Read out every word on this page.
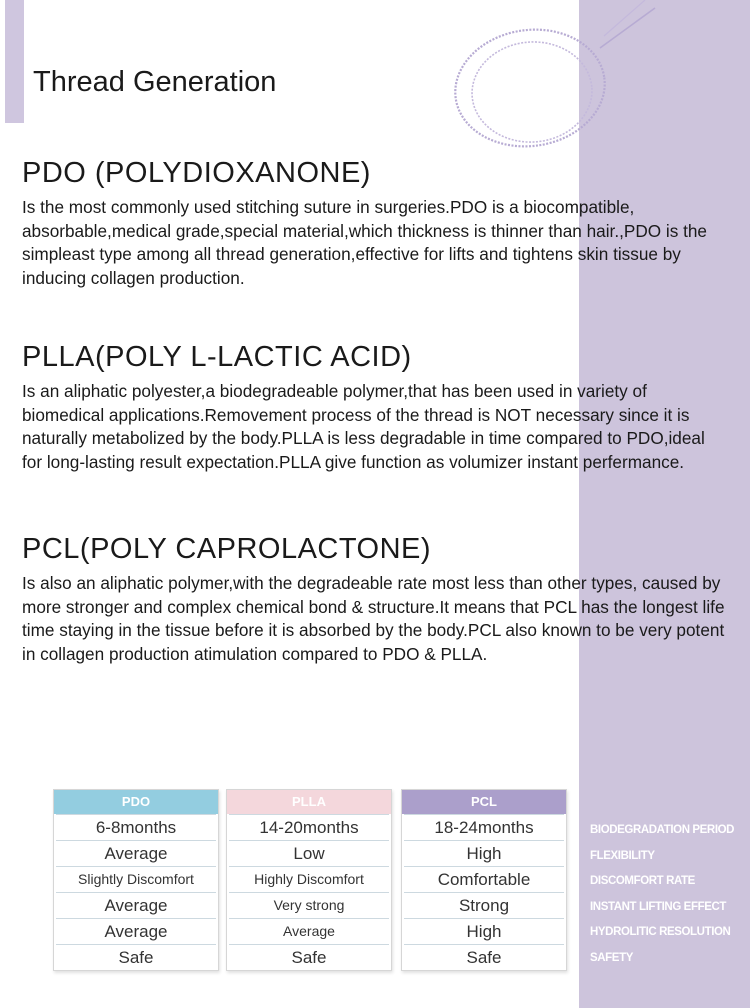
Thread Generation
PDO (POLYDIOXANONE)

Is the most commonly used stitching suture in surgeries.PDO is a biocompatible, absorbable,medical grade,special material,which thickness is thinner than hair.,PDO is the simpleast type among all thread generation,effective for lifts and tightens skin tissue by inducing collagen production.

PLLA(POLY L-LACTIC ACID)

Is an aliphatic polyester,a biodegradeable polymer,that has been used in variety of biomedical applications.Removement process of the thread is NOT necessary since it is naturally metabolized by the body.PLLA is less degradable in time compared to PDO,ideal for long-lasting result expectation.PLLA give function as volumizer instant perfermance.

PCL(POLY CAPROLACTONE)

Is also an aliphatic polymer,with the degradeable rate most less than other types, caused by more stronger and complex chemical bond & structure.It means that PCL has the longest life time staying in the tissue before it is absorbed by the body.PCL also known to be very potent in collagen production atimulation compared to PDO & PLLA.

PDO
6-8months
Average
Slightly Discomfort
Average
Average
Safe
PLLA
14-20months
Low
Highly Discomfort
Very strong
Average
Safe
PCL
18-24months
High
Comfortable
Strong
High
Safe
BIODEGRADATION PERIOD
FLEXIBILITY
DISCOMFORT RATE
INSTANT LIFTING EFFECT
HYDROLITIC RESOLUTION
SAFETY
